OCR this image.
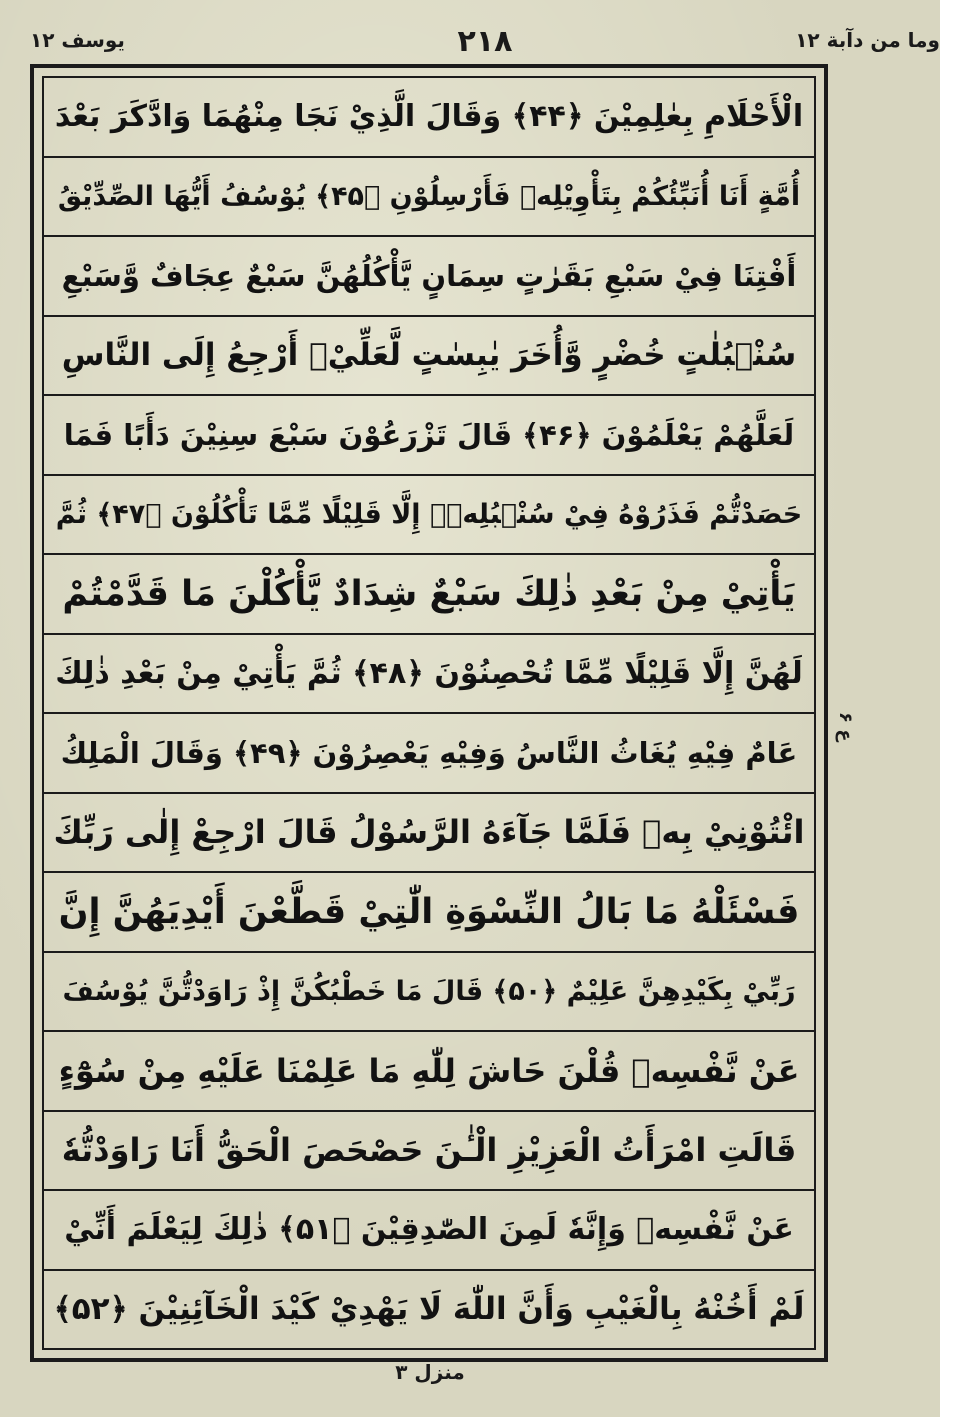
وما من دآبة ۱۲
۲۱۸
یوسف ۱۲
الْأَحْلَامِ بِعٰلِمِيْنَ ﴿۴۴﴾ وَقَالَ الَّذِيْ نَجَا مِنْهُمَا وَادَّكَرَ بَعْدَ
أُمَّةٍ أَنَا أُنَبِّئُكُمْ بِتَأْوِيْلِهٖ فَأَرْسِلُوْنِ ﴿۴۵﴾ يُوْسُفُ أَيُّهَا الصِّدِّيْقُ
أَفْتِنَا فِيْ سَبْعِ بَقَرٰتٍ سِمَانٍ يَّأْكُلُهُنَّ سَبْعٌ عِجَافٌ وَّسَبْعِ
سُنْۢبُلٰتٍ خُضْرٍ وَّأُخَرَ يٰبِسٰتٍ لَّعَلِّيْۤ أَرْجِعُ إِلَى النَّاسِ
لَعَلَّهُمْ يَعْلَمُوْنَ ﴿۴۶﴾ قَالَ تَزْرَعُوْنَ سَبْعَ سِنِيْنَ دَأَبًا فَمَا
حَصَدْتُّمْ فَذَرُوْهُ فِيْ سُنْۢبُلِهٖۤ إِلَّا قَلِيْلًا مِّمَّا تَأْكُلُوْنَ ﴿۴۷﴾ ثُمَّ
يَأْتِيْ مِنْ بَعْدِ ذٰلِكَ سَبْعٌ شِدَادٌ يَّأْكُلْنَ مَا قَدَّمْتُمْ
لَهُنَّ إِلَّا قَلِيْلًا مِّمَّا تُحْصِنُوْنَ ﴿۴۸﴾ ثُمَّ يَأْتِيْ مِنْ بَعْدِ ذٰلِكَ
عَامٌ فِيْهِ يُغَاثُ النَّاسُ وَفِيْهِ يَعْصِرُوْنَ ﴿۴۹﴾ وَقَالَ الْمَلِكُ
ائْتُوْنِيْ بِهٖ فَلَمَّا جَآءَهُ الرَّسُوْلُ قَالَ ارْجِعْ إِلٰى رَبِّكَ
فَسْئَلْهُ مَا بَالُ النِّسْوَةِ الّٰتِيْ قَطَّعْنَ أَيْدِيَهُنَّ إِنَّ
رَبِّيْ بِكَيْدِهِنَّ عَلِيْمٌ ﴿۵۰﴾ قَالَ مَا خَطْبُكُنَّ إِذْ رَاوَدْتُّنَّ يُوْسُفَ
عَنْ نَّفْسِهٖ قُلْنَ حَاشَ لِلّٰهِ مَا عَلِمْنَا عَلَيْهِ مِنْ سُوْٓءٍ
قَالَتِ امْرَأَتُ الْعَزِيْزِ الْـٰٔنَ حَصْحَصَ الْحَقُّ أَنَا رَاوَدْتُّهٗ
عَنْ نَّفْسِهٖ وَإِنَّهٗ لَمِنَ الصّٰدِقِيْنَ ﴿۵۱﴾ ذٰلِكَ لِيَعْلَمَ أَنِّيْ
لَمْ أَخُنْهُ بِالْغَيْبِ وَأَنَّ اللّٰهَ لَا يَهْدِيْ كَيْدَ الْخَآئِنِيْنَ ﴿۵۲﴾
ع ۶
منزل ۳
